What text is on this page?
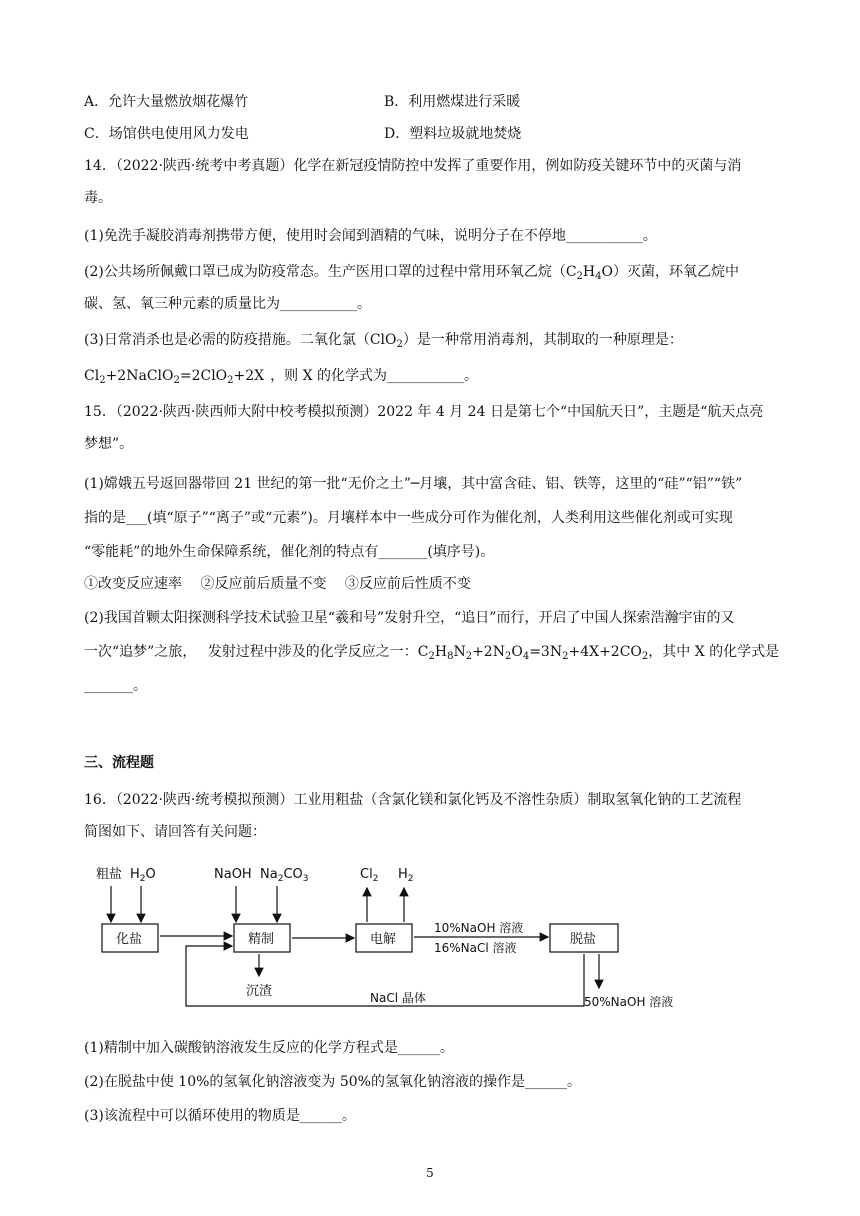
A．允许大量燃放烟花爆竹	B．利用燃煤进行采暖
C．场馆供电使用风力发电	D．塑料垃圾就地焚烧
14．（2022·陕西·统考中考真题）化学在新冠疫情防控中发挥了重要作用，例如防疫关键环节中的灭菌与消
毒。
(1)免洗手凝胶消毒剂携带方便，使用时会闻到酒精的气味，说明分子在不停地___________。
(2)公共场所佩戴口罩已成为防疫常态。生产医用口罩的过程中常用环氧乙烷$(C_2H_4O)$灭菌，环氧乙烷中
碳、氢、氧三种元素的质量比为___________。
(3)日常消杀也是必需的防疫措施。二氧化氯（ClO$_2$）是一种常用消毒剂，其制取的一种原理是：
$Cl_2+2NaClO_2=2ClO_2+2X$ ，则 X 的化学式为___________。
15．（2022·陕西·陕西师大附中校考模拟预测）2022 年 4 月 24 日是第七个“中国航天日”，主题是“航天点亮
梦想”。
(1)嫦娥五号返回器带回 21 世纪的第一批“无价之土”─月壤，其中富含硅、铝、铁等，这里的“硅”“铝”“铁”
指的是___(填“原子”“离子”或“元素”)。月壤样本中一些成分可作为催化剂，人类利用这些催化剂或可实现
“零能耗”的地外生命保障系统，催化剂的特点有_______(填序号)。
①改变反应速率　 ②反应前后质量不变　 ③反应前后性质不变
(2)我国首颗太阳探测科学技术试验卫星“羲和号”发射升空，“追日”而行，开启了中国人探索浩瀚宇宙的又
一次“追梦”之旅，　 发射过程中涉及的化学反应之一：$C_2H_8N_2+2N_2O_4=3N_2+4X+2CO_2$，其中 X 的化学式是
_______。
三、流程题
16．（2022·陕西·统考模拟预测）工业用粗盐（含氯化镁和氯化钙及不溶性杂质）制取氢氧化钠的工艺流程
简图如下、请回答有关问题：
粗盐 $H_2O$
化盐
NaOH $Na_2CO_3$
精制
沉渣
$Cl_2$ $H_2$
电解
10%NaOH 溶液
16%NaCl 溶液
脱盐
50%NaOH 溶液
NaCl 晶体
(1)精制中加入碳酸钠溶液发生反应的化学方程式是______。
(2)在脱盐中使 10%的氢氧化钠溶液变为 50%的氢氧化钠溶液的操作是______。
(3)该流程中可以循环使用的物质是______。
5
